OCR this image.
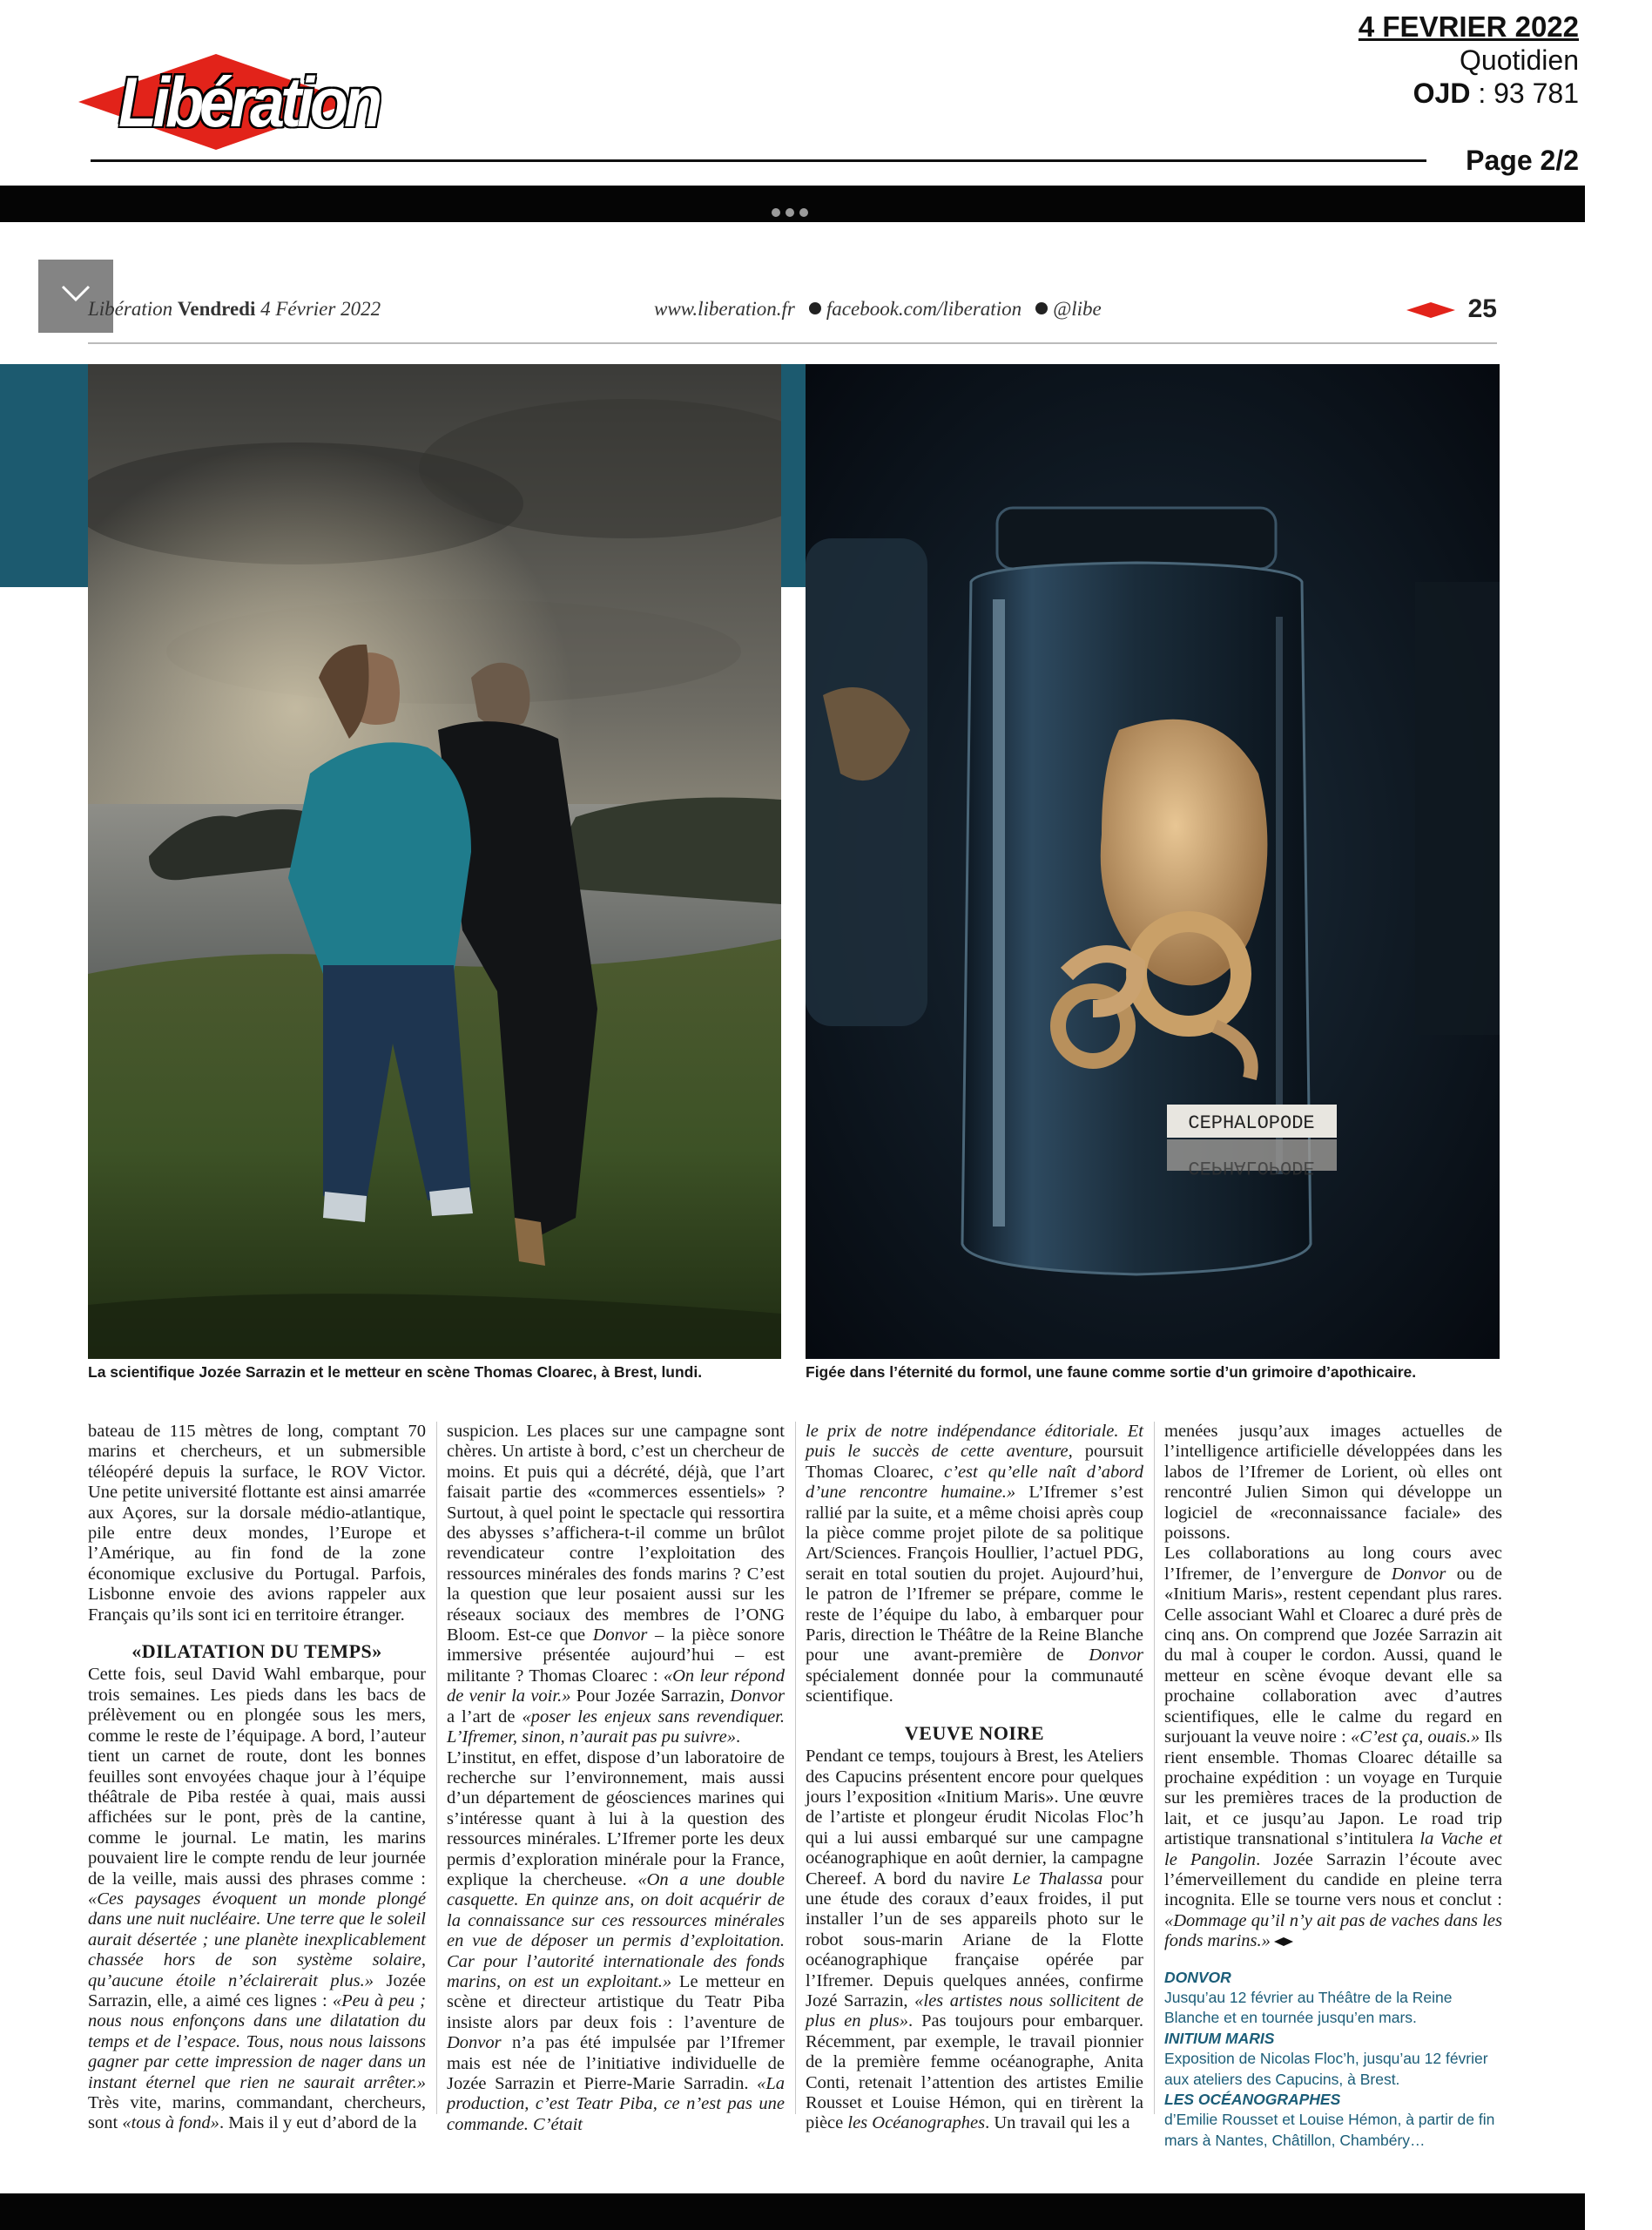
Libération
4 FEVRIER 2022
Quotidien
OJD : 93 781
Page 2/2
Libération Vendredi 4 Février 2022	www.liberation.fr facebook.com/liberation @libe	25
CEPHALOPODE
CEPHALOPODE
La scientifique Jozée Sarrazin et le metteur en scène Thomas Cloarec, à Brest, lundi.	Figée dans l’éternité du formol, une faune comme sortie d’un grimoire d’apothicaire.

bateau de 115 mètres de long, comptant 70 marins et chercheurs, et un submersible téléopéré depuis la surface, le ROV Victor. Une petite université flottante est ainsi amarrée aux Açores, sur la dorsale médio-atlantique, pile entre deux mondes, l’Europe et l’Amérique, au fin fond de la zone économique exclusive du Portugal. Parfois, Lisbonne envoie des avions rappeler aux Français qu’ils sont ici en territoire étranger.

«DILATATION DU TEMPS»

Cette fois, seul David Wahl embarque, pour trois semaines. Les pieds dans les bacs de prélèvement ou en plongée sous les mers, comme le reste de l’équipage. A bord, l’auteur tient un carnet de route, dont les bonnes feuilles sont envoyées chaque jour à l’équipe théâtrale de Piba restée à quai, mais aussi affichées sur le pont, près de la cantine, comme le journal. Le matin, les marins pouvaient lire le compte rendu de leur journée de la veille, mais aussi des phrases comme : «Ces paysages évoquent un monde plongé dans une nuit nucléaire. Une terre que le soleil aurait désertée ; une planète inexplicablement chassée hors de son système solaire, qu’aucune étoile n’éclairerait plus.» Jozée Sarrazin, elle, a aimé ces lignes : «Peu à peu ; nous nous enfonçons dans une dilatation du temps et de l’espace. Tous, nous nous laissons gagner par cette impression de nager dans un instant éternel que rien ne saurait arrêter.» Très vite, marins, commandant, chercheurs, sont «tous à fond». Mais il y eut d’abord de la

suspicion. Les places sur une campagne sont chères. Un artiste à bord, c’est un chercheur de moins. Et puis qui a décrété, déjà, que l’art faisait partie des «commerces essentiels» ? Surtout, à quel point le spectacle qui ressortira des abysses s’affichera-t-il comme un brûlot revendicateur contre l’exploitation des ressources minérales des fonds marins ? C’est la question que leur posaient aussi sur les réseaux sociaux des membres de l’ONG Bloom. Est-ce que Donvor – la pièce sonore immersive présentée aujourd’hui – est militante ? Thomas Cloarec : «On leur répond de venir la voir.» Pour Jozée Sarrazin, Donvor a l’art de «poser les enjeux sans revendiquer. L’Ifremer, sinon, n’aurait pas pu suivre».

L’institut, en effet, dispose d’un laboratoire de recherche sur l’environnement, mais aussi d’un département de géosciences marines qui s’intéresse quant à lui à la question des ressources minérales. L’Ifremer porte les deux permis d’exploration minérale pour la France, explique la chercheuse. «On a une double casquette. En quinze ans, on doit acquérir de la connaissance sur ces ressources minérales en vue de déposer un permis d’exploitation. Car pour l’autorité internationale des fonds marins, on est un exploitant.» Le metteur en scène et directeur artistique du Teatr Piba insiste alors par deux fois : l’aventure de Donvor n’a pas été impulsée par l’Ifremer mais est née de l’initiative individuelle de Jozée Sarrazin et Pierre-Marie Sarradin. «La production, c’est Teatr Piba, ce n’est pas une commande. C’était

le prix de notre indépendance éditoriale. Et puis le succès de cette aventure, poursuit Thomas Cloarec, c’est qu’elle naît d’abord d’une rencontre humaine.» L’Ifremer s’est rallié par la suite, et a même choisi après coup la pièce comme projet pilote de sa politique Art/Sciences. François Houllier, l’actuel PDG, serait en total soutien du projet. Aujourd’hui, le patron de l’Ifremer se prépare, comme le reste de l’équipe du labo, à embarquer pour Paris, direction le Théâtre de la Reine Blanche pour une avant-première de Donvor spécialement donnée pour la communauté scientifique.

VEUVE NOIRE

Pendant ce temps, toujours à Brest, les Ateliers des Capucins présentent encore pour quelques jours l’exposition «Initium Maris». Une œuvre de l’artiste et plongeur érudit Nicolas Floc’h qui a lui aussi embarqué sur une campagne océanographique en août dernier, la campagne Chereef. A bord du navire Le Thalassa pour une étude des coraux d’eaux froides, il put installer l’un de ses appareils photo sur le robot sous-marin Ariane de la Flotte océanographique française opérée par l’Ifremer. Depuis quelques années, confirme Jozé Sarrazin, «les artistes nous sollicitent de plus en plus». Pas toujours pour embarquer. Récemment, par exemple, le travail pionnier de la première femme océanographe, Anita Conti, retenait l’attention des artistes Emilie Rousset et Louise Hémon, qui en tirèrent la pièce les Océanographes. Un travail qui les a

menées jusqu’aux images actuelles de l’intelligence artificielle développées dans les labos de l’Ifremer de Lorient, où elles ont rencontré Julien Simon qui développe un logiciel de «reconnaissance faciale» des poissons.

Les collaborations au long cours avec l’Ifremer, de l’envergure de Donvor ou de «Initium Maris», restent cependant plus rares. Celle associant Wahl et Cloarec a duré près de cinq ans. On comprend que Jozée Sarrazin ait du mal à couper le cordon. Aussi, quand le metteur en scène évoque devant elle sa prochaine collaboration avec d’autres scientifiques, elle le calme du regard en surjouant la veuve noire : «C’est ça, ouais.» Ils rient ensemble. Thomas Cloarec détaille sa prochaine expédition : un voyage en Turquie sur les premières traces de la production de lait, et ce jusqu’au Japon. Le road trip artistique transnational s’intitulera la Vache et le Pangolin. Jozée Sarrazin l’écoute avec l’émerveillement du candide en pleine terra incognita. Elle se tourne vers nous et conclut : «Dommage qu’il n’y ait pas de vaches dans les fonds marins.»

DONVOR
Jusqu’au 12 février au Théâtre de la Reine Blanche et en tournée jusqu’en mars.
INITIUM MARIS
Exposition de Nicolas Floc’h, jusqu’au 12 février aux ateliers des Capucins, à Brest.
LES OCÉANOGRAPHES
d’Emilie Rousset et Louise Hémon, à partir de fin mars à Nantes, Châtillon, Chambéry…
